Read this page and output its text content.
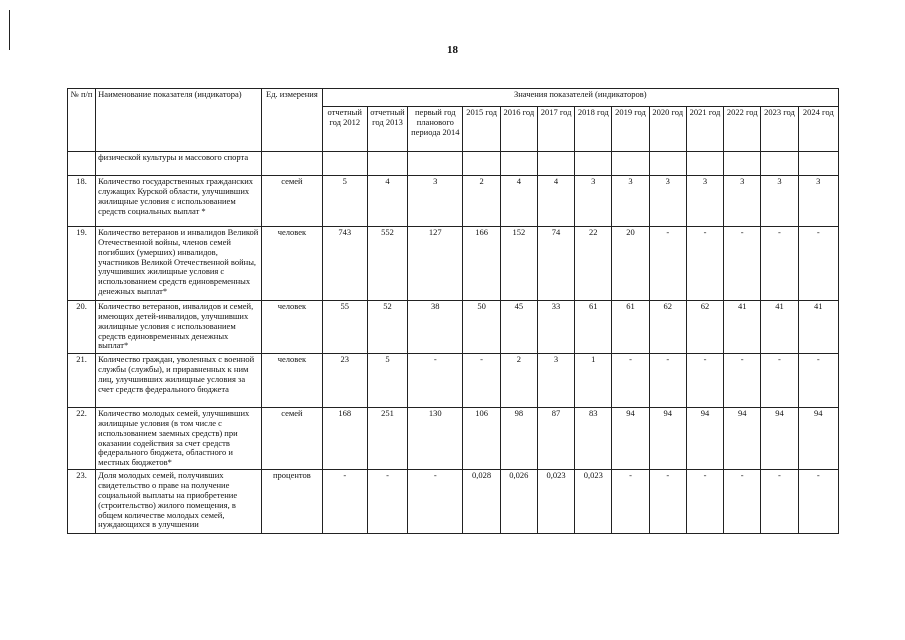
18
№ п/п	Наименование показателя (индикатора)	Ед. измерения	Значения показателей (индикаторов)												
			отчетный год 2012	отчетный год 2013	первый год планового периода 2014	2015 год	2016 год	2017 год	2018 год	2019 год	2020 год	2021 год	2022 год	2023 год	2024 год
	физической культуры и массового спорта														
18.	Количество государственных гражданских служащих Курской области, улучшивших жилищные условия с использованием средств социальных выплат *	семей	5	4	3	2	4	4	3	3	3	3	3	3	3
19.	Количество ветеранов и инвалидов Великой Отечественной войны, членов семей погибших (умерших) инвалидов, участников Великой Отечественной войны, улучшивших жилищные условия с использованием средств единовременных денежных выплат*	человек	743	552	127	166	152	74	22	20	-	-	-	-	-
20.	Количество ветеранов, инвалидов и семей, имеющих детей-инвалидов, улучшивших жилищные условия с использованием средств единовременных денежных выплат*	человек	55	52	38	50	45	33	61	61	62	62	41	41	41
21.	Количество граждан, уволенных с военной службы (службы), и приравненных к ним лиц, улучшивших жилищные условия за счет средств федерального бюджета	человек	23	5	-	-	2	3	1	-	-	-	-	-	-
22.	Количество молодых семей, улучшивших жилищные условия (в том числе с использованием заемных средств) при оказании содействия за счет средств федерального бюджета, областного и местных бюджетов*	семей	168	251	130	106	98	87	83	94	94	94	94	94	94
23.	Доля молодых семей, получивших свидетельство о праве на получение социальной выплаты на приобретение (строительство) жилого помещения, в общем количестве молодых семей, нуждающихся в улучшении	процентов	-	-	-	0,028	0,026	0,023	0,023	-	-	-	-	-	-
